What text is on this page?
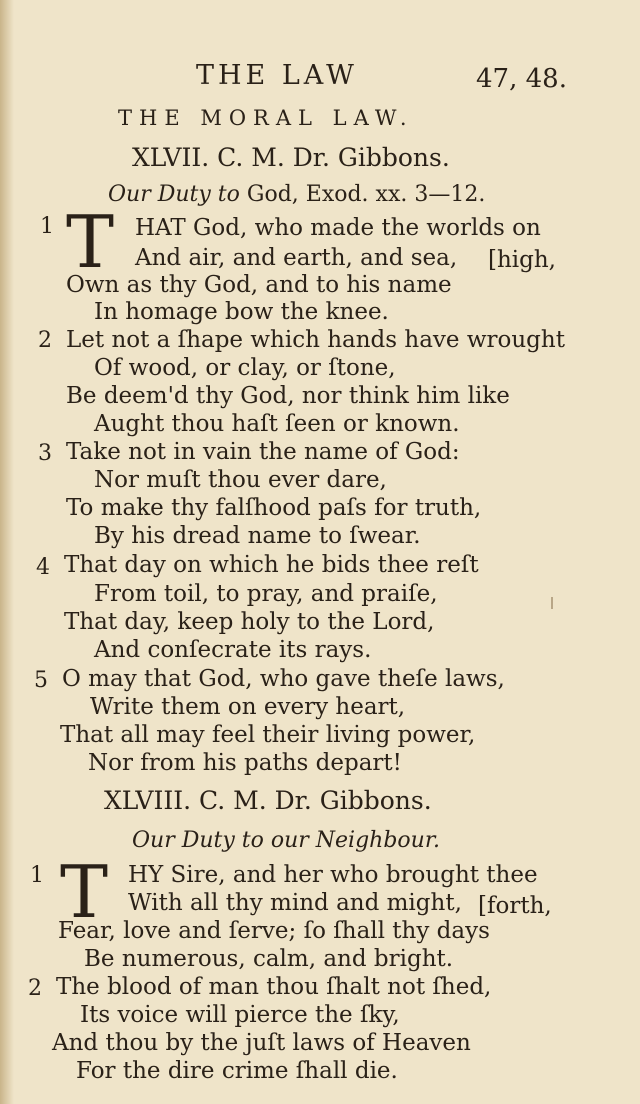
THE LAW	47, 48.
THE MORAL LAW.
XLVII. C. M. Dr. Gibbons.
Our Duty to God, Exod. xx. 3—12.
1 T HAT God, who made the worlds on
And air, and earth, and sea, [high,
Own as thy God, and to his name
In homage bow the knee.
2 Let not a ſhape which hands have wrought
Of wood, or clay, or ſtone,
Be deem'd thy God, nor think him like
Aught thou haſt ſeen or known.
3 Take not in vain the name of God:
Nor muſt thou ever dare,
To make thy falſhood paſs for truth,
By his dread name to ſwear.
4 That day on which he bids thee reſt
From toil, to pray, and praiſe,
That day, keep holy to the Lord,
And conſecrate its rays.
5 O may that God, who gave theſe laws,
Write them on every heart,
That all may feel their living power,
Nor from his paths depart!
XLVIII. C. M. Dr. Gibbons.
Our Duty to our Neighbour.
1 T HY Sire, and her who brought thee
With all thy mind and might, [forth,
Fear, love and ſerve; ſo ſhall thy days
Be numerous, calm, and bright.
2 The blood of man thou ſhalt not ſhed,
Its voice will pierce the ſky,
And thou by the juſt laws of Heaven
For the dire crime ſhall die.
